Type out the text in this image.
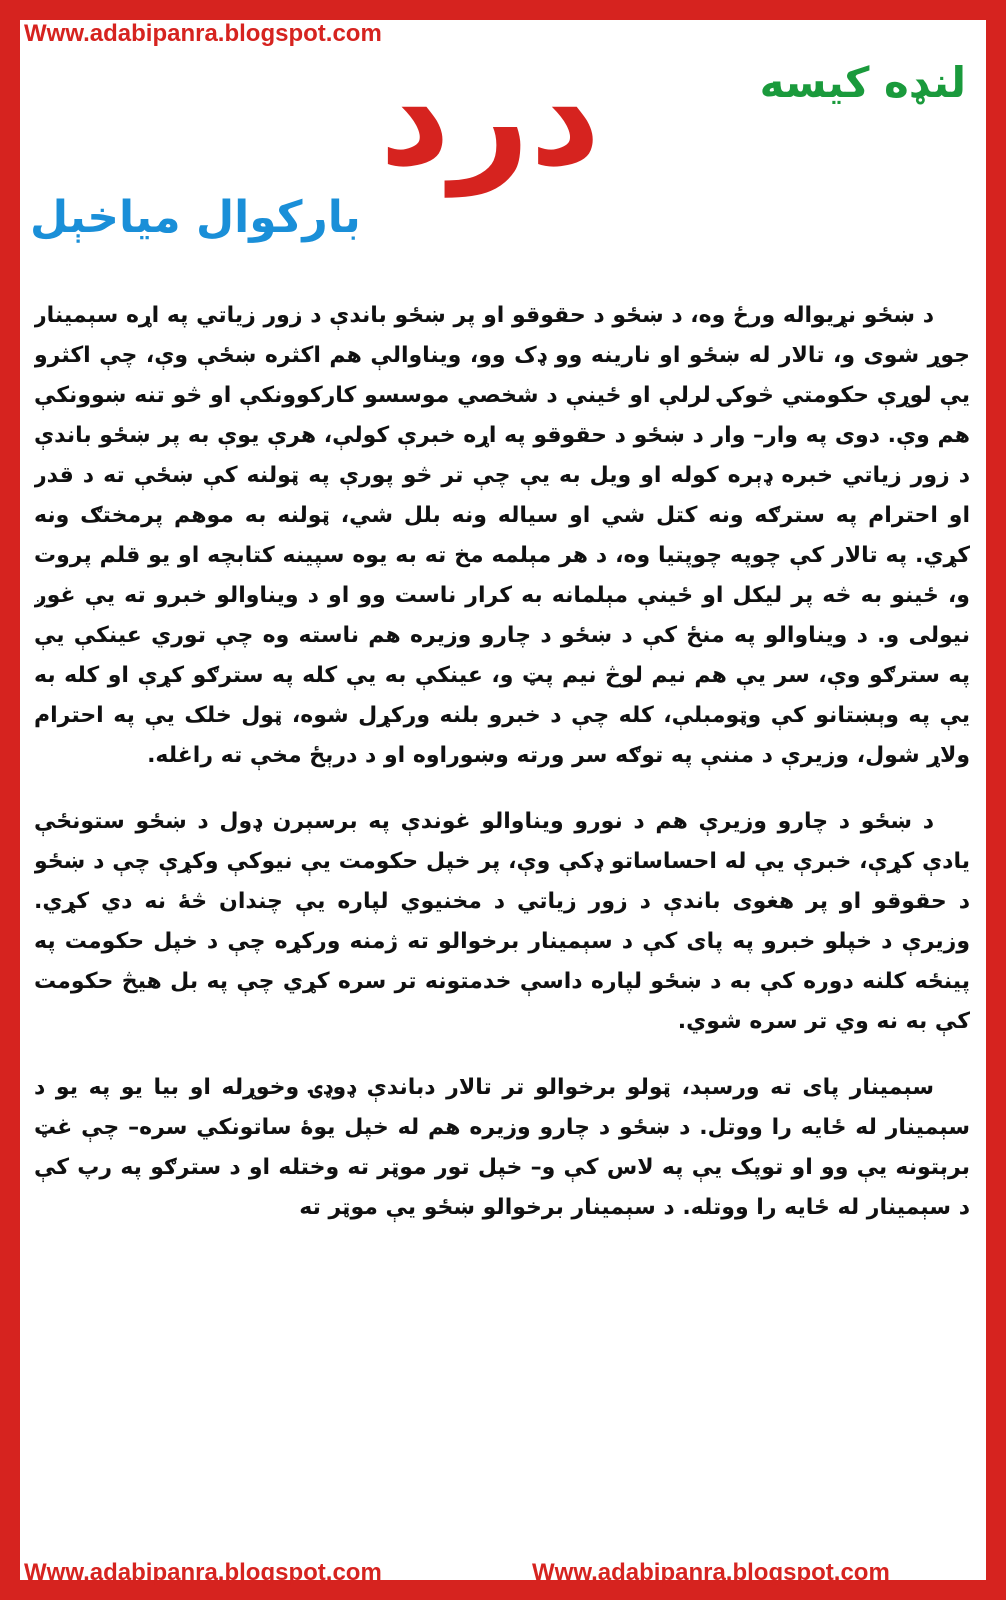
Www.adabipanra.blogspot.com
درد	لنډه کیسه
بارکوال میاخېل

د ښځو نړیواله ورځ وه، د ښځو د حقوقو او پر ښځو باندې د زور زیاتي په اړه سېمینار جوړ شوی و، تالار له ښځو او نارینه وو ډک وو، ویناوالې هم اکثره ښځې وې، چې اکثرو یې لوړې حکومتي څوکۍ لرلې او ځینې د شخصي موسسو کارکوونکې او څو تنه ښوونکې هم وې. دوی په وار– وار د ښځو د حقوقو په اړه خبرې کولې، هرې یوې به پر ښځو باندې د زور زیاتي خبره ډېره کوله او ویل به یې چې تر څو پورې په ټولنه کې ښځې ته د قدر او احترام په سترګه ونه کتل شي او سیاله ونه بلل شي، ټولنه به موهم پرمختګ ونه کړي. په تالار کې چوپه چوپتیا وه، د هر مېلمه مخ ته به یوه سپینه کتابچه او یو قلم پروت و، ځینو به څه پر لیکل او ځینې مېلمانه به کرار ناست وو او د ویناوالو خبرو ته یې غوږ نیولی و. د ویناوالو په منځ کې د ښځو د چارو وزیره هم ناسته وه چې توري عینکې یې په سترګو وې، سر یې هم نیم لوڅ نیم پټ و، عینکې به یې کله په سترګو کړې او کله به یې په وېښتانو کې وټومبلې، کله چې د خبرو بلنه ورکړل شوه، ټول خلک یې په احترام ولاړ شول، وزیرې د مننې په توګه سر ورته وښوراوه او د درېځ مخې ته راغله.

د ښځو د چارو وزیرې هم د نورو ویناوالو غوندې په برسېرن ډول د ښځو ستونځې یادې کړې، خبرې یې له احساساتو ډکې وې، پر خپل حکومت یې نیوکې وکړې چې د ښځو د حقوقو او پر هغوی باندې د زور زیاتي د مخنیوي لپاره یې چندان څۀ نه دي کړي. وزیرې د خپلو خبرو په پای کې د سېمینار برخوالو ته ژمنه ورکړه چې د خپل حکومت په پینځه کلنه دوره کې به د ښځو لپاره داسې خدمتونه تر سره کړي چې په بل هیڅ حکومت کې به نه وي تر سره شوي.

سېمینار پای ته ورسېد، ټولو برخوالو تر تالار دباندې ډوډۍ وخوړله او بیا یو په یو د سېمینار له ځایه را ووتل. د ښځو د چارو وزیره هم له خپل یوۀ ساتونکي سره– چې غټ برېتونه یې وو او توپک یې په لاس کې و– خپل تور موټر ته وختله او د سترګو په رپ کې د سېمینار له ځایه را ووتله. د سېمینار برخوالو ښځو یې موټر ته

Www.adabipanra.blogspot.com	Www.adabipanra.blogspot.com
